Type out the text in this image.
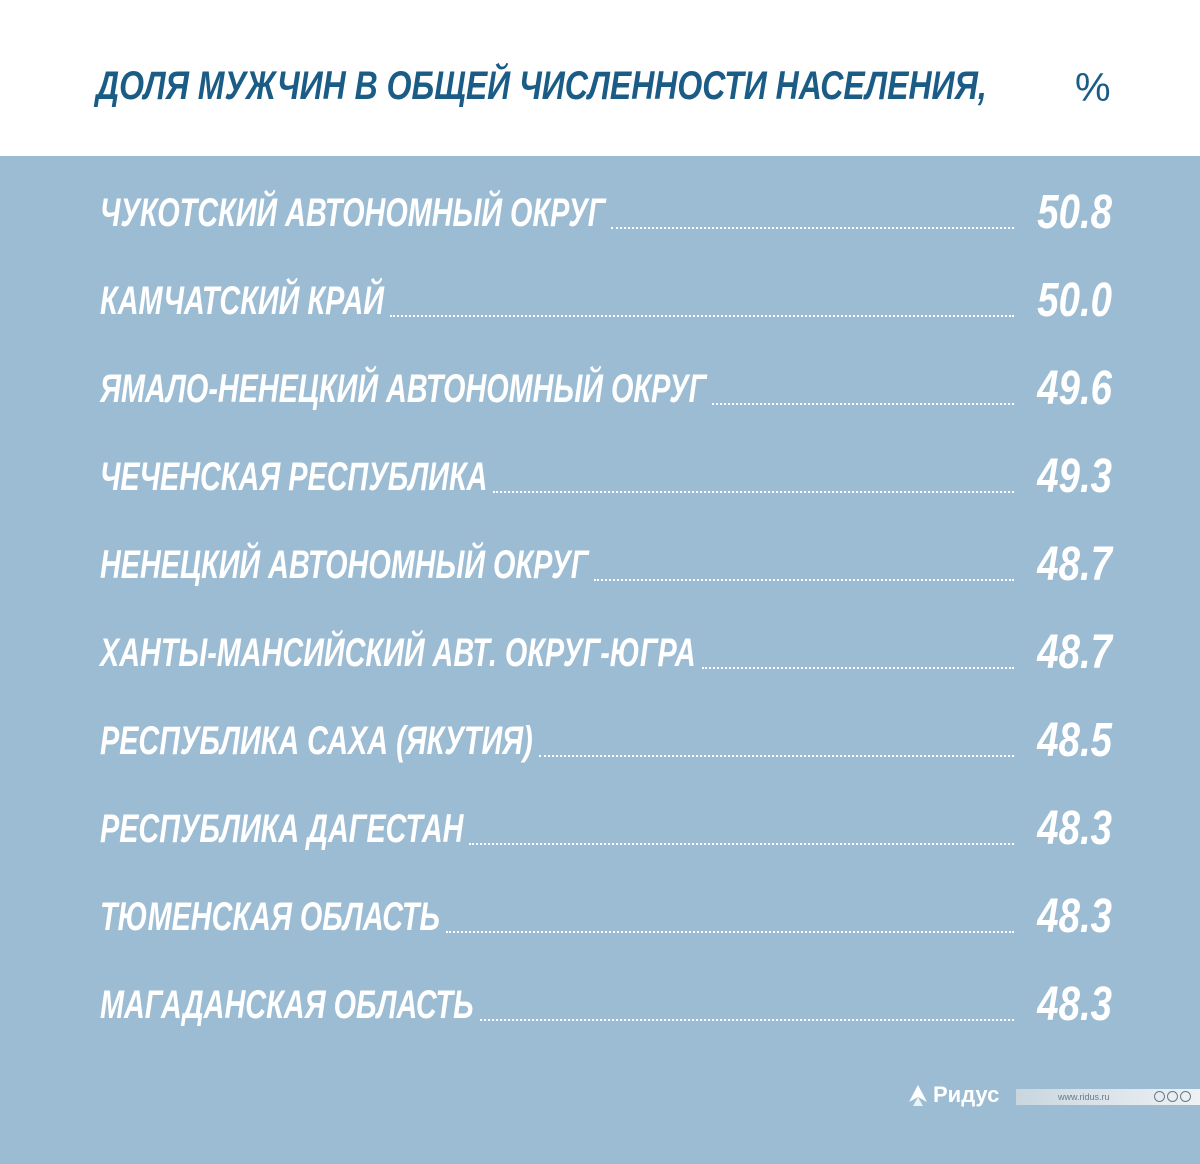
ДОЛЯ МУЖЧИН В ОБЩЕЙ ЧИСЛЕННОСТИ НАСЕЛЕНИЯ, %
ЧУКОТСКИЙ АВТОНОМНЫЙ ОКРУГ	50.8
КАМЧАТСКИЙ КРАЙ	50.0
ЯМАЛО-НЕНЕЦКИЙ АВТОНОМНЫЙ ОКРУГ	49.6
ЧЕЧЕНСКАЯ РЕСПУБЛИКА	49.3
НЕНЕЦКИЙ АВТОНОМНЫЙ ОКРУГ	48.7
ХАНТЫ-МАНСИЙСКИЙ АВТ. ОКРУГ-ЮГРА	48.7
РЕСПУБЛИКА САХА (ЯКУТИЯ)	48.5
РЕСПУБЛИКА ДАГЕСТАН	48.3
ТЮМЕНСКАЯ ОБЛАСТЬ	48.3
МАГАДАНСКАЯ ОБЛАСТЬ	48.3
Ридус	www.ridus.ru
